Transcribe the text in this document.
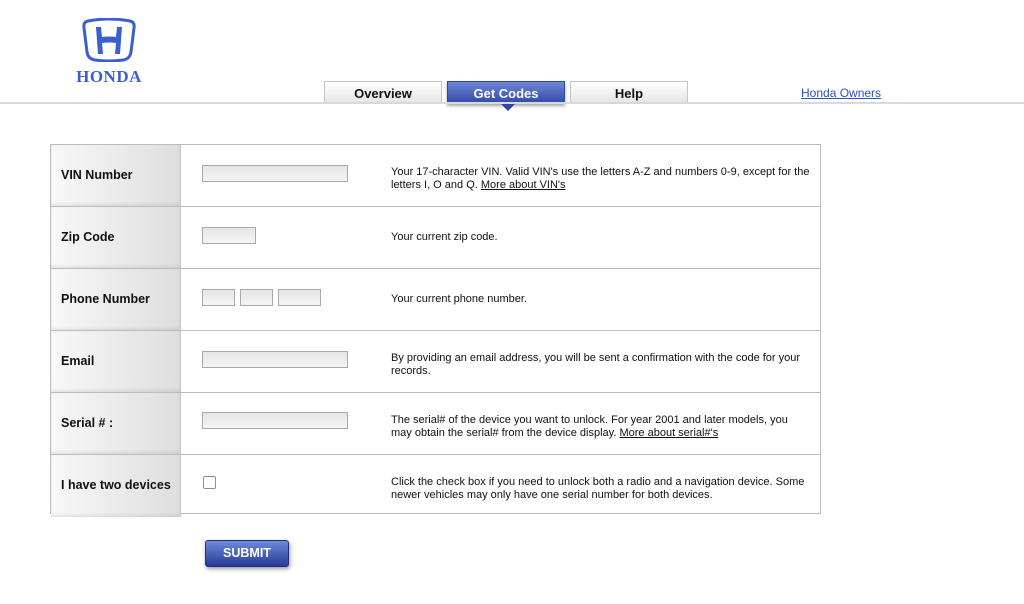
HONDA
Overview	Get Codes	Help	Honda Owners
VIN Number	Your 17-character VIN. Valid VIN's use the letters A-Z and numbers 0-9, except for the letters I, O and Q. More about VIN's
Zip Code	Your current zip code.
Phone Number	Your current phone number.
Email	By providing an email address, you will be sent a confirmation with the code for your records.
Serial # :	The serial# of the device you want to unlock. For year 2001 and later models, you may obtain the serial# from the device display. More about serial#'s
I have two devices	Click the check box if you need to unlock both a radio and a navigation device. Some newer vehicles may only have one serial number for both devices.
SUBMIT
